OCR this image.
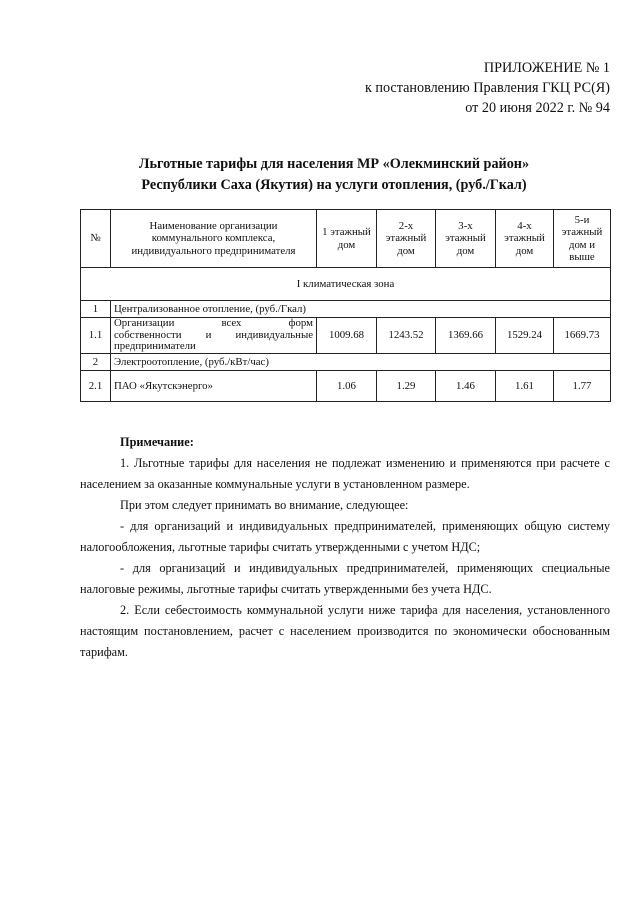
ПРИЛОЖЕНИЕ № 1
к постановлению Правления ГКЦ РС(Я)
от 20 июня 2022 г. № 94
Льготные тарифы для населения МР «Олекминский район»
Республики Саха (Якутия) на услуги отопления, (руб./Гкал)
№	Наименование организации коммунального комплекса, индивидуального предпринимателя	1 этажный дом	2-х этажный дом	3-х этажный дом	4-х этажный дом	5-и этажный дом и выше
I климатическая зона						
1	Централизованное отопление, (руб./Гкал)					
1.1	Организации всех форм
собственности и индивидуальные
предприниматели	1009.68	1243.52	1369.66	1529.24	1669.73
2	Электроотопление, (руб./кВт/час)					
2.1	ПАО «Якутскэнерго»	1.06	1.29	1.46	1.61	1.77
Примечание:

1. Льготные тарифы для населения не подлежат изменению и применяются при расчете с населением за оказанные коммунальные услуги в установленном размере.

При этом следует принимать во внимание, следующее:

- для организаций и индивидуальных предпринимателей, применяющих общую систему налогообложения, льготные тарифы считать утвержденными с учетом НДС;

- для организаций и индивидуальных предпринимателей, применяющих специальные налоговые режимы, льготные тарифы считать утвержденными без учета НДС.

2. Если себестоимость коммунальной услуги ниже тарифа для населения, установленного настоящим постановлением, расчет с населением производится по экономически обоснованным тарифам.
